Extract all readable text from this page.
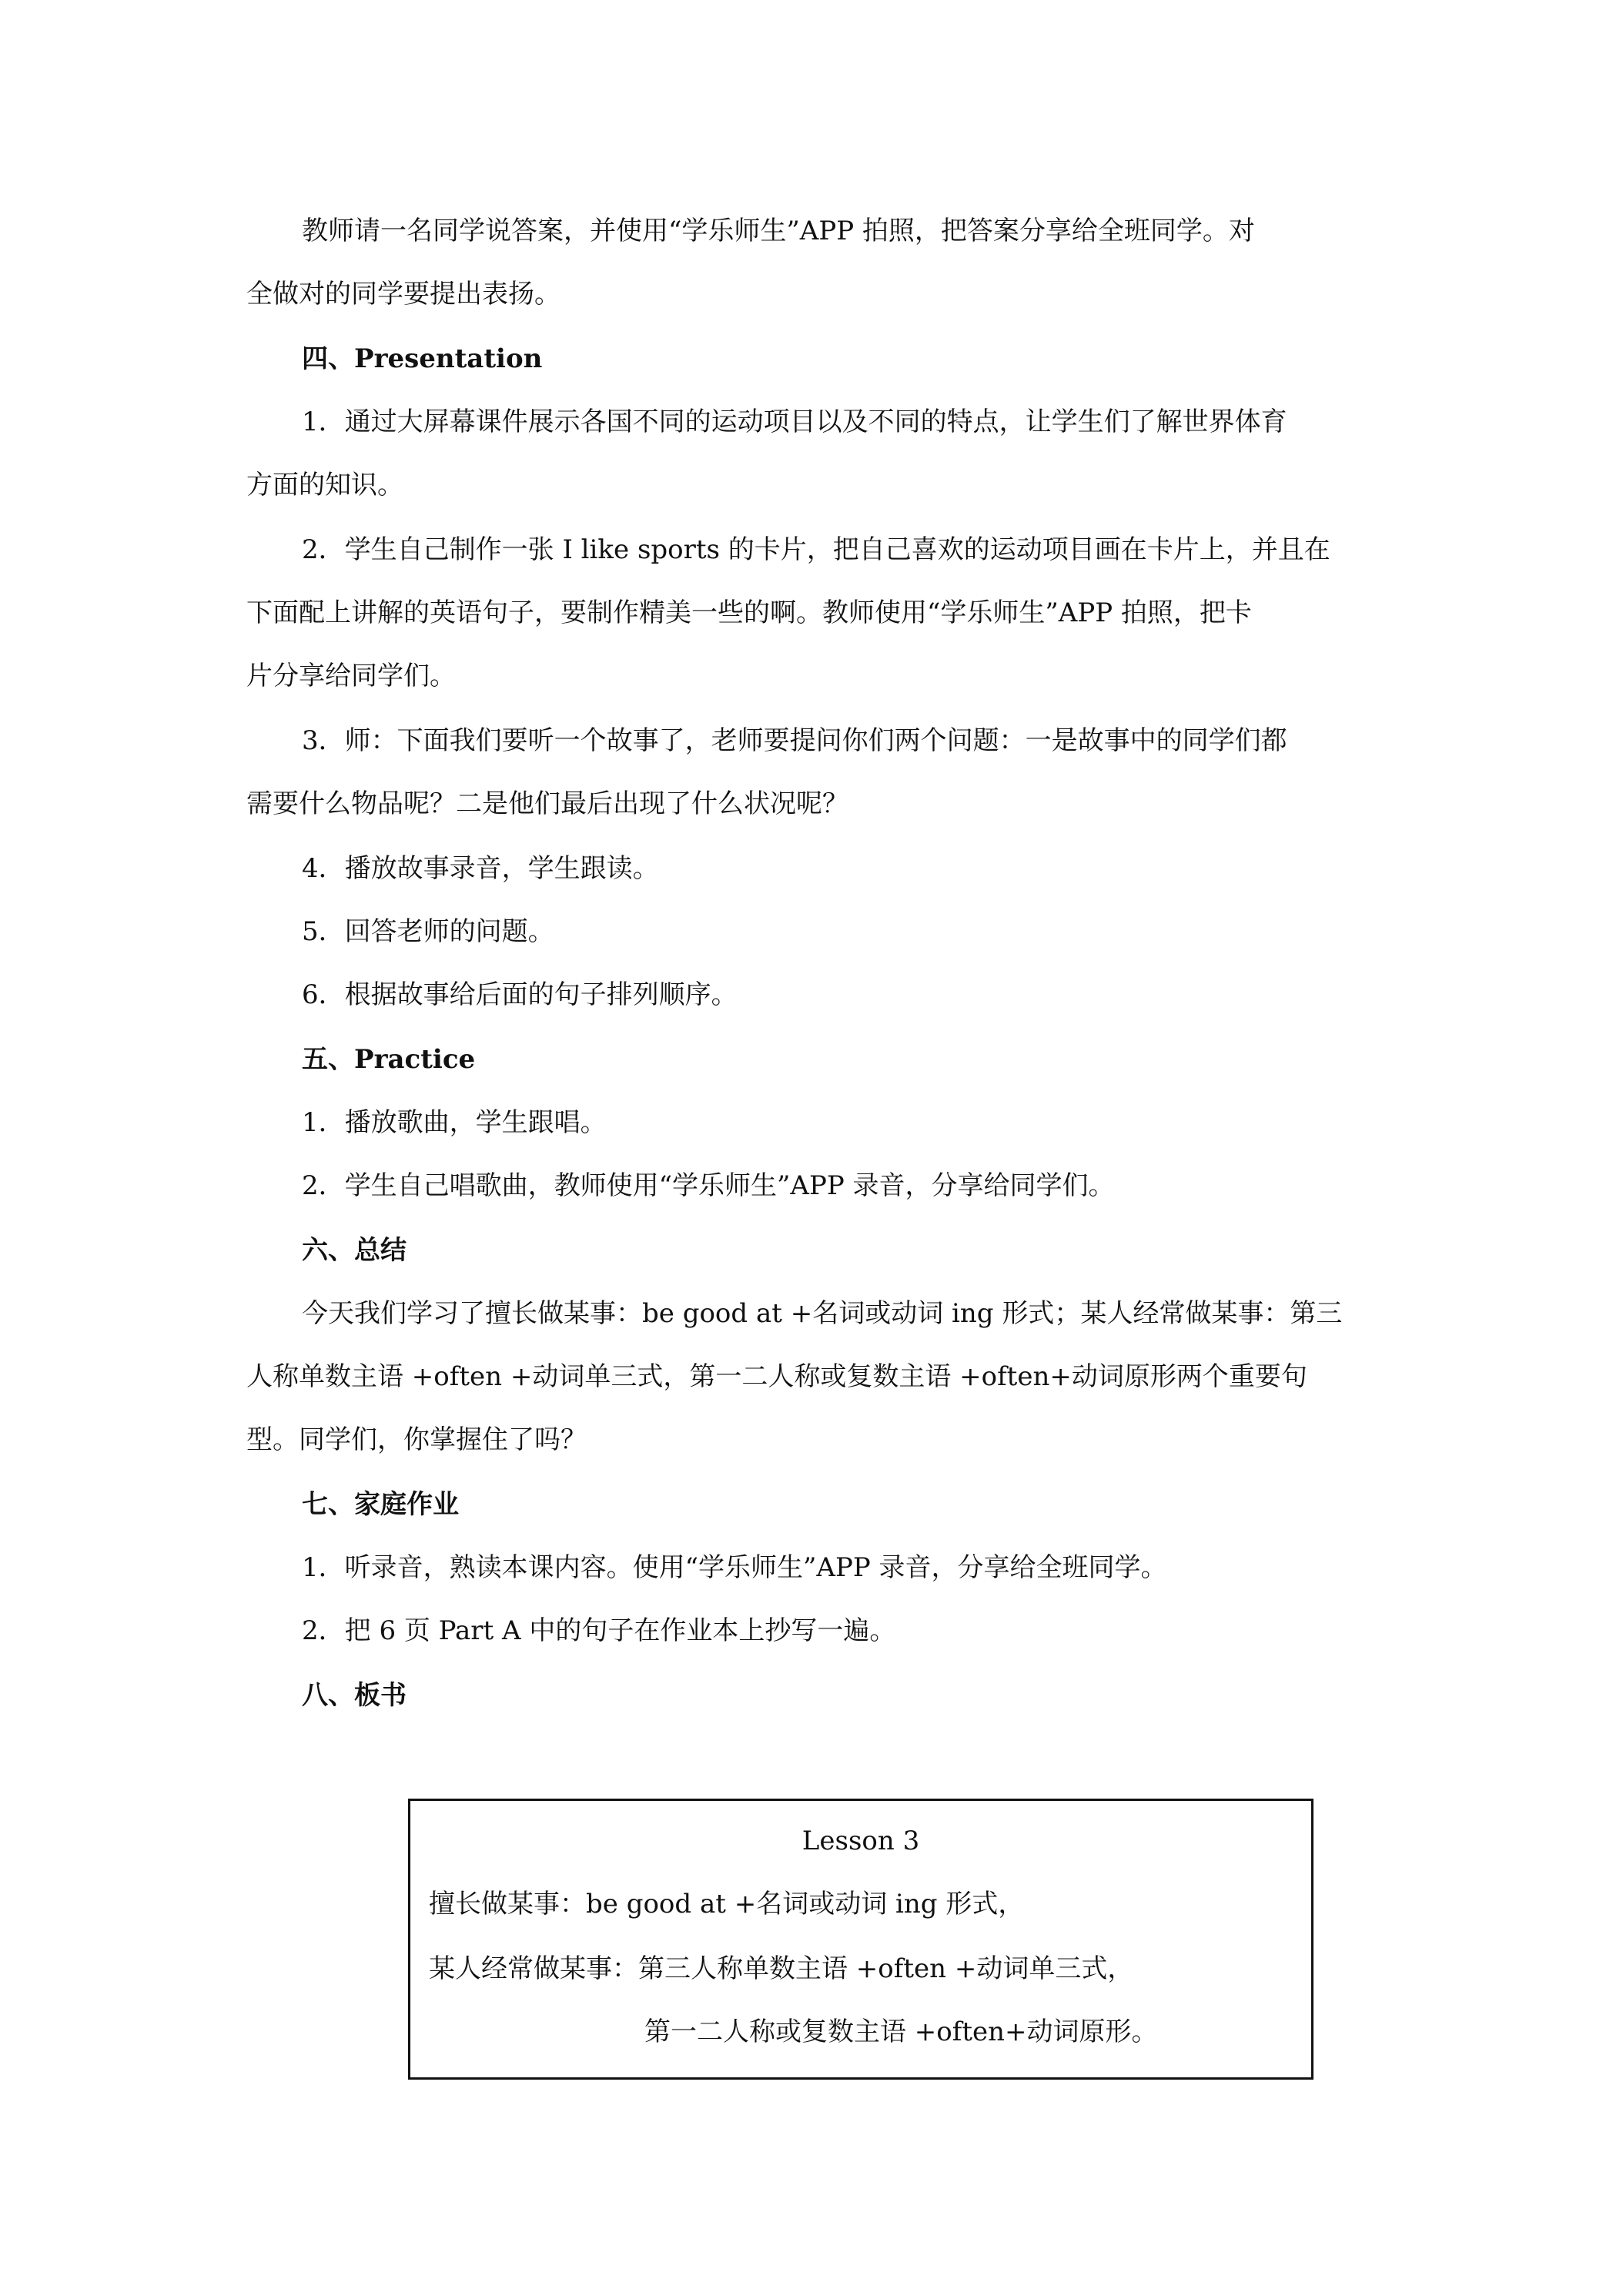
教师请一名同学说答案，并使用“学乐师生”APP 拍照，把答案分享给全班同学。对
全做对的同学要提出表扬。
四、Presentation
1．通过大屏幕课件展示各国不同的运动项目以及不同的特点，让学生们了解世界体育
方面的知识。
2．学生自己制作一张 I like sports 的卡片，把自己喜欢的运动项目画在卡片上，并且在
下面配上讲解的英语句子，要制作精美一些的啊。教师使用“学乐师生”APP 拍照，把卡
片分享给同学们。
3．师：下面我们要听一个故事了，老师要提问你们两个问题：一是故事中的同学们都
需要什么物品呢？二是他们最后出现了什么状况呢？
4．播放故事录音，学生跟读。
5．回答老师的问题。
6．根据故事给后面的句子排列顺序。
五、Practice
1．播放歌曲，学生跟唱。
2．学生自己唱歌曲，教师使用“学乐师生”APP 录音，分享给同学们。
六、总结
今天我们学习了擅长做某事：be good at +名词或动词 ing 形式；某人经常做某事：第三
人称单数主语 +often +动词单三式，第一二人称或复数主语 +often+动词原形两个重要句
型。同学们，你掌握住了吗？
七、家庭作业
1．听录音，熟读本课内容。使用“学乐师生”APP 录音，分享给全班同学。
2．把 6 页 Part A 中的句子在作业本上抄写一遍。
八、板书
Lesson 3
擅长做某事：be good at +名词或动词 ing 形式，
某人经常做某事：第三人称单数主语 +often +动词单三式，
第一二人称或复数主语 +often+动词原形。
